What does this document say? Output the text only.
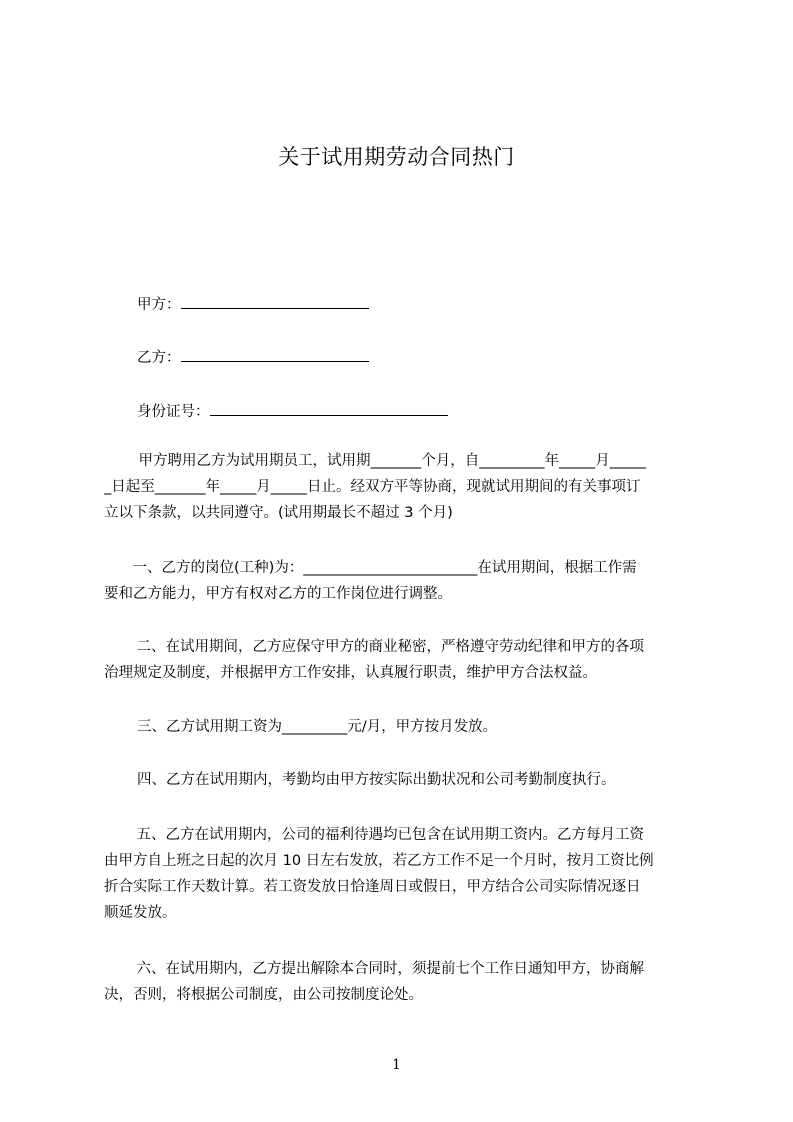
关于试用期劳动合同热门
甲方：
乙方：
身份证号：
　甲方聘用乙方为试用期员工，试用期_______个月，自_________年_____月_____
_日起至_______年_____月_____日止。经双方平等协商，现就试用期间的有关事项订
立以下条款，以共同遵守。(试用期最长不超过 3 个月)
　一、乙方的岗位(工种)为：________________________在试用期间，根据工作需
要和乙方能力，甲方有权对乙方的工作岗位进行调整。
　二、在试用期间，乙方应保守甲方的商业秘密，严格遵守劳动纪律和甲方的各项
治理规定及制度，并根据甲方工作安排，认真履行职责，维护甲方合法权益。
三、乙方试用期工资为_________元/月，甲方按月发放。
四、乙方在试用期内，考勤均由甲方按实际出勤状况和公司考勤制度执行。
　五、乙方在试用期内，公司的福利待遇均已包含在试用期工资内。乙方每月工资
由甲方自上班之日起的次月 10 日左右发放，若乙方工作不足一个月时，按月工资比例
折合实际工作天数计算。若工资发放日恰逢周日或假日，甲方结合公司实际情况逐日
顺延发放。
　六、在试用期内，乙方提出解除本合同时，须提前七个工作日通知甲方，协商解
决，否则，将根据公司制度，由公司按制度论处。
1
